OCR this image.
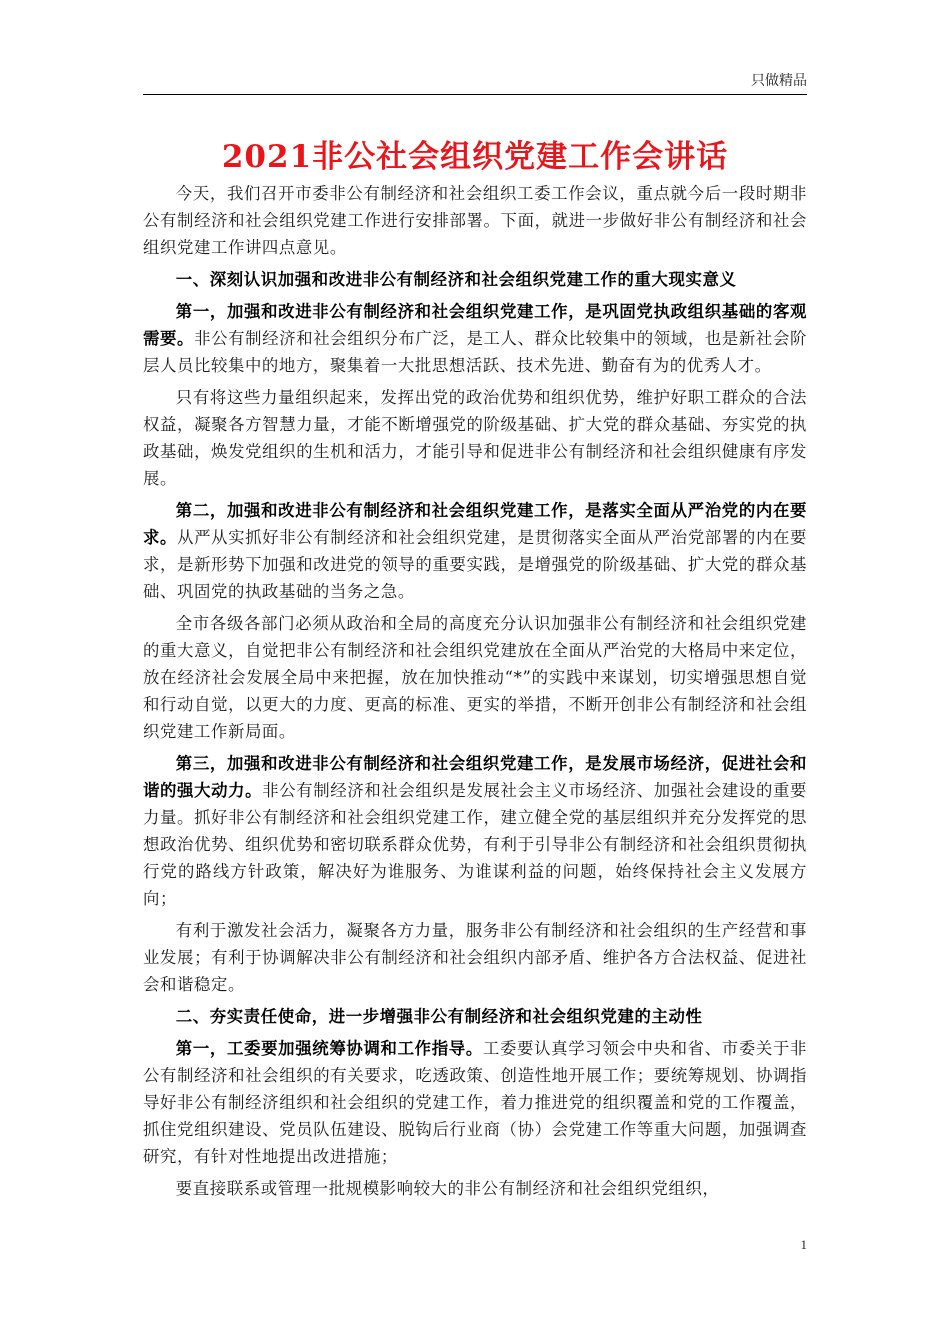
只做精品
2021非公社会组织党建工作会讲话

今天，我们召开市委非公有制经济和社会组织工委工作会议，重点就今后一段时期非公有制经济和社会组织党建工作进行安排部署。下面，就进一步做好非公有制经济和社会组织党建工作讲四点意见。

一、深刻认识加强和改进非公有制经济和社会组织党建工作的重大现实意义

第一，加强和改进非公有制经济和社会组织党建工作，是巩固党执政组织基础的客观需要。非公有制经济和社会组织分布广泛，是工人、群众比较集中的领域，也是新社会阶层人员比较集中的地方，聚集着一大批思想活跃、技术先进、勤奋有为的优秀人才。

只有将这些力量组织起来，发挥出党的政治优势和组织优势，维护好职工群众的合法权益，凝聚各方智慧力量，才能不断增强党的阶级基础、扩大党的群众基础、夯实党的执政基础，焕发党组织的生机和活力，才能引导和促进非公有制经济和社会组织健康有序发展。

第二，加强和改进非公有制经济和社会组织党建工作，是落实全面从严治党的内在要求。从严从实抓好非公有制经济和社会组织党建，是贯彻落实全面从严治党部署的内在要求，是新形势下加强和改进党的领导的重要实践，是增强党的阶级基础、扩大党的群众基础、巩固党的执政基础的当务之急。

全市各级各部门必须从政治和全局的高度充分认识加强非公有制经济和社会组织党建的重大意义，自觉把非公有制经济和社会组织党建放在全面从严治党的大格局中来定位，放在经济社会发展全局中来把握，放在加快推动“*”的实践中来谋划，切实增强思想自觉和行动自觉，以更大的力度、更高的标准、更实的举措，不断开创非公有制经济和社会组织党建工作新局面。

第三，加强和改进非公有制经济和社会组织党建工作，是发展市场经济，促进社会和谐的强大动力。非公有制经济和社会组织是发展社会主义市场经济、加强社会建设的重要力量。抓好非公有制经济和社会组织党建工作，建立健全党的基层组织并充分发挥党的思想政治优势、组织优势和密切联系群众优势，有利于引导非公有制经济和社会组织贯彻执行党的路线方针政策，解决好为谁服务、为谁谋利益的问题，始终保持社会主义发展方向；

有利于激发社会活力，凝聚各方力量，服务非公有制经济和社会组织的生产经营和事业发展；有利于协调解决非公有制经济和社会组织内部矛盾、维护各方合法权益、促进社会和谐稳定。

二、夯实责任使命，进一步增强非公有制经济和社会组织党建的主动性

第一，工委要加强统筹协调和工作指导。工委要认真学习领会中央和省、市委关于非公有制经济和社会组织的有关要求，吃透政策、创造性地开展工作；要统筹规划、协调指导好非公有制经济组织和社会组织的党建工作，着力推进党的组织覆盖和党的工作覆盖，抓住党组织建设、党员队伍建设、脱钩后行业商（协）会党建工作等重大问题，加强调查研究，有针对性地提出改进措施；

要直接联系或管理一批规模影响较大的非公有制经济和社会组织党组织，

1
